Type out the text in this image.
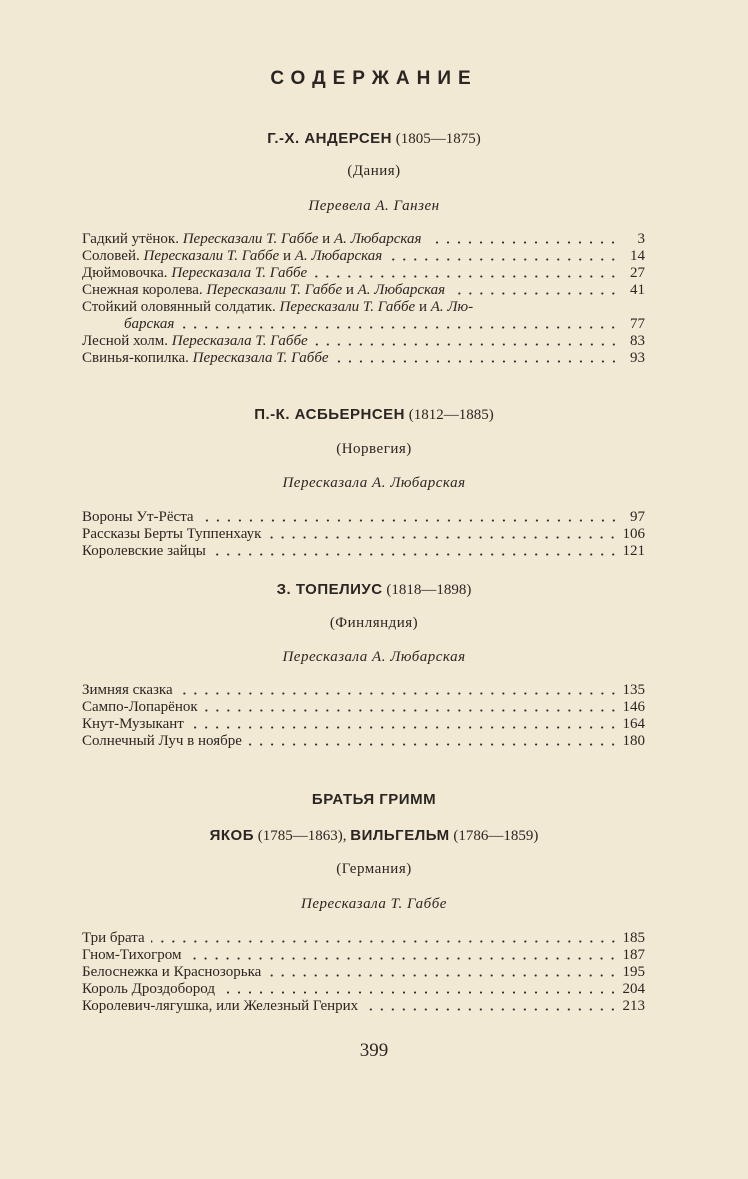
СОДЕРЖАНИЕ
Г.-Х. АНДЕРСЕН (1805—1875)
(Дания)
Перевела А. Ганзен
Гадкий утёнок. Пересказали Т. Габбе и А. Любарская	3
Соловей. Пересказали Т. Габбе и А. Любарская	14
Дюймовочка. Пересказала Т. Габбе	27
Снежная королева. Пересказали Т. Габбе и А. Любарская	41
Стойкий оловянный солдатик. Пересказали Т. Габбе и А. Лю-
барская	77
Лесной холм. Пересказала Т. Габбе	83
Свинья-копилка. Пересказала Т. Габбе	93
П.-К. АСБЬЕРНСЕН (1812—1885)
(Норвегия)
Пересказала А. Любарская
Вороны Ут-Рёста	97
Рассказы Берты Туппенхаук	106
Королевские зайцы	121
З. ТОПЕЛИУС (1818—1898)
(Финляндия)
Пересказала А. Любарская
Зимняя сказка	135
Сампо-Лопарёнок	146
Кнут-Музыкант	164
Солнечный Луч в ноябре	180
БРАТЬЯ ГРИММ
ЯКОБ (1785—1863), ВИЛЬГЕЛЬМ (1786—1859)
(Германия)
Пересказала Т. Габбе
Три брата	185
Гном-Тихогром	187
Белоснежка и Краснозорька	195
Король Дроздобород	204
Королевич-лягушка, или Железный Генрих	213
399
